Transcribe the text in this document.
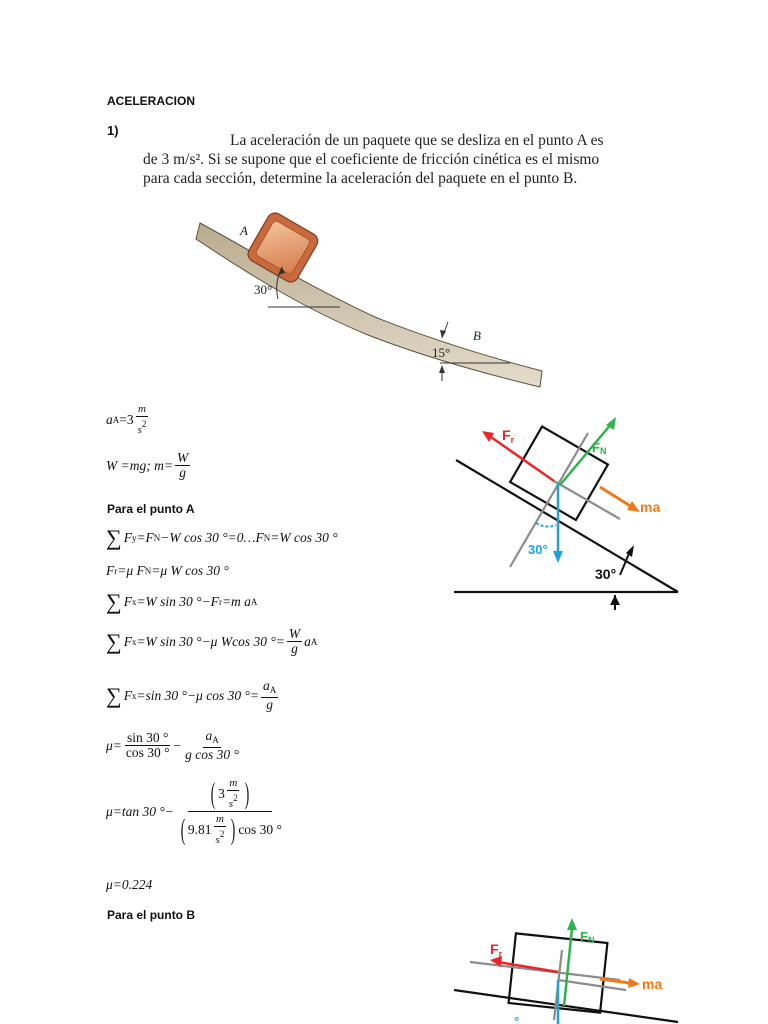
ACELERACION
1)
La aceleración de un paquete que se desliza en el punto A es
de 3 m/s². Si se supone que el coeficiente de fricción cinética es el mismo
para cada sección, determine la aceleración del paquete en el punto B.
A
B
30°
15°
$F_r$	FN
ma
30°
30°
a $A =3 \frac{m}{s^2}$
W =mg; $m= \frac{W}{g}$
Para el punto A
∑ F y =F N −W cos 30 °=0…F N =W cos 30 °
F r =μ F N =μ W cos 30 °
∑ F x =W sin 30 °−F r =m a A
∑ F x =W sin 30 °−μ Wcos 30 °= $\frac{W}{g}$ a A
∑ F x =sin 30 °−μ cos 30 °= $\frac{a_A}{g}$
$\mu= \frac{\sin 30 ^\circ}{\cos 30 ^\circ} - \frac{a_A}{\text{g cos 30 °}}$
μ=tan 30 °− $\frac{( 3 \frac{m}{s^2} )}{( 9.81 \frac{m}{s^2} ) \cos 30 ^\circ}$
μ=0.224
Para el punto B
$F_r$
FN
ma
°
